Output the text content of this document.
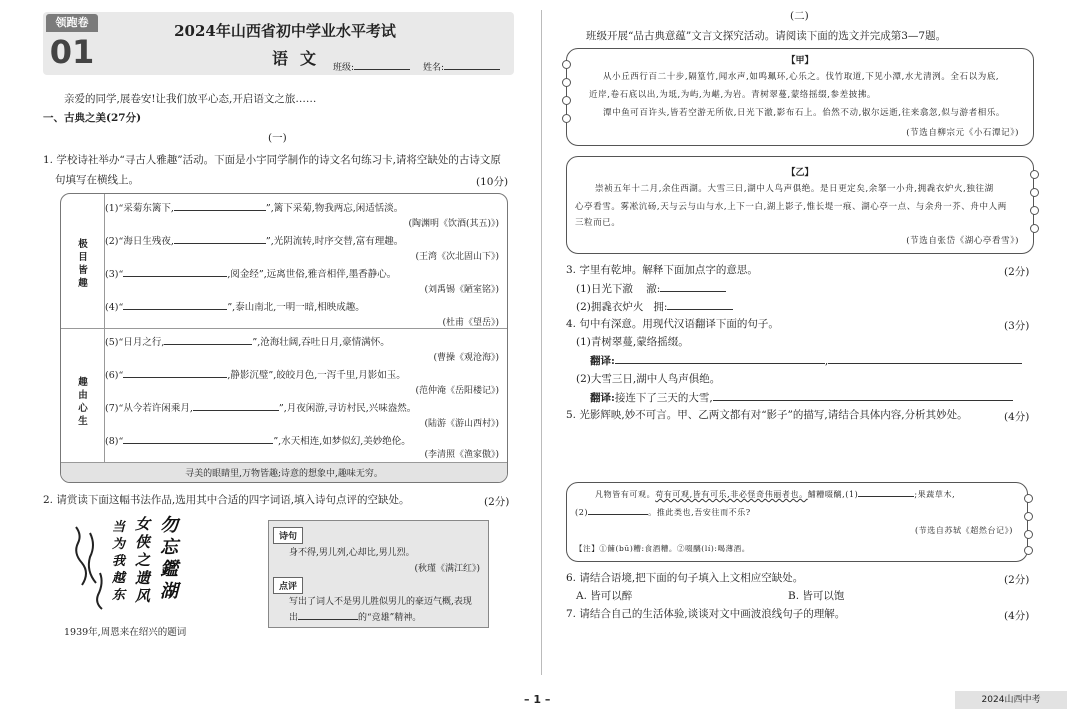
领跑卷
01
2024年山西省初中学业水平考试
语文 班级:	姓名:
亲爱的同学,展卷安!让我们放平心态,开启语文之旅……
一、古典之美(27分)
(一)
1. 学校诗社举办“寻古人雅趣”活动。下面是小宇同学制作的诗文名句练习卡,请将空缺处的古诗文原
句填写在横线上。	(10分)
极
目
皆
趣
趣
由
心
生
(1)“采菊东篱下,	”,篱下采菊,物我两忘,闲适恬淡。
(陶渊明《饮酒(其五)》)
(2)“海日生残夜,	”,光阴流转,时序交替,富有理趣。
(王湾《次北固山下》)
(3)“	,阅金经”,远离世俗,雅音相伴,墨香静心。
(刘禹锡《陋室铭》)
(4)“	”,泰山南北,一明一暗,相映成趣。
(杜甫《望岳》)
(5)“日月之行,	”,沧海壮阔,吞吐日月,豪情满怀。
(曹操《观沧海》)
(6)“	,静影沉璧”,皎皎月色,一泻千里,月影如玉。
(范仲淹《岳阳楼记》)
(7)“从今若许闲乘月,	”,月夜闲游,寻访村民,兴味盎然。
(陆游《游山西村》)
(8)“	”,水天相连,如梦似幻,美妙绝伦。
(李清照《渔家傲》)
寻美的眼睛里,万物皆趣;诗意的想象中,趣味无穷。
2. 请赏读下面这幅书法作品,选用其中合适的四字词语,填入诗句点评的空缺处。	(2分)
勿
忘
鑑
湖
女
侠
之
遗
风
当
为
我
越
东
1939年,周恩来在绍兴的题词
诗句
身不得,男儿列,心却比,男儿烈。
(秋瑾《满江红》)
点评
写出了词人不是男儿胜似男儿的豪迈气概,表现
出	的“竞雄”精神。
(二)
班级开展“品古典意蕴”文言文探究活动。请阅读下面的选文并完成第3—7题。
【甲】
从小丘西行百二十步,隔篁竹,闻水声,如鸣珮环,心乐之。伐竹取道,下见小潭,水尤清洌。全石以为底,
近岸,卷石底以出,为坻,为屿,为嵁,为岩。青树翠蔓,蒙络摇缀,参差披拂。
潭中鱼可百许头,皆若空游无所依,日光下澈,影布石上。佁然不动,俶尔远逝,往来翕忽,似与游者相乐。
(节选自柳宗元《小石潭记》)
【乙】
崇祯五年十二月,余住西湖。大雪三日,湖中人鸟声俱绝。是日更定矣,余拏一小舟,拥毳衣炉火,独往湖
心亭看雪。雾凇沆砀,天与云与山与水,上下一白,湖上影子,惟长堤一痕、湖心亭一点、与余舟一芥、舟中人两
三粒而已。
(节选自张岱《湖心亭看雪》)
3. 字里有乾坤。解释下面加点字的意思。	(2分)
(1)日光下澈 澈:
(2)拥毳衣炉火 拥:
4. 句中有深意。用现代汉语翻译下面的句子。	(3分)
(1)青树翠蔓,蒙络摇缀。
翻译:	,
(2)大雪三日,湖中人鸟声俱绝。
翻译:接连下了三天的大雪,
5. 光影辉映,妙不可言。甲、乙两文都有对“影子”的描写,请结合具体内容,分析其妙处。	(4分)
凡物皆有可观。苟有可观,皆有可乐,非必怪奇伟丽者也。餔糟啜醨,(1)	;果蔬草木,
(2)	。推此类也,吾安往而不乐?
(节选自苏轼《超然台记》)
【注】①餔(bū)糟:食酒糟。②啜醨(lí):喝薄酒。
6. 请结合语境,把下面的句子填入上文相应空缺处。	(2分)
A. 皆可以醉	B. 皆可以饱
7. 请结合自己的生活体验,谈谈对文中画波浪线句子的理解。	(4分)
– 1 –	2024山西中考
